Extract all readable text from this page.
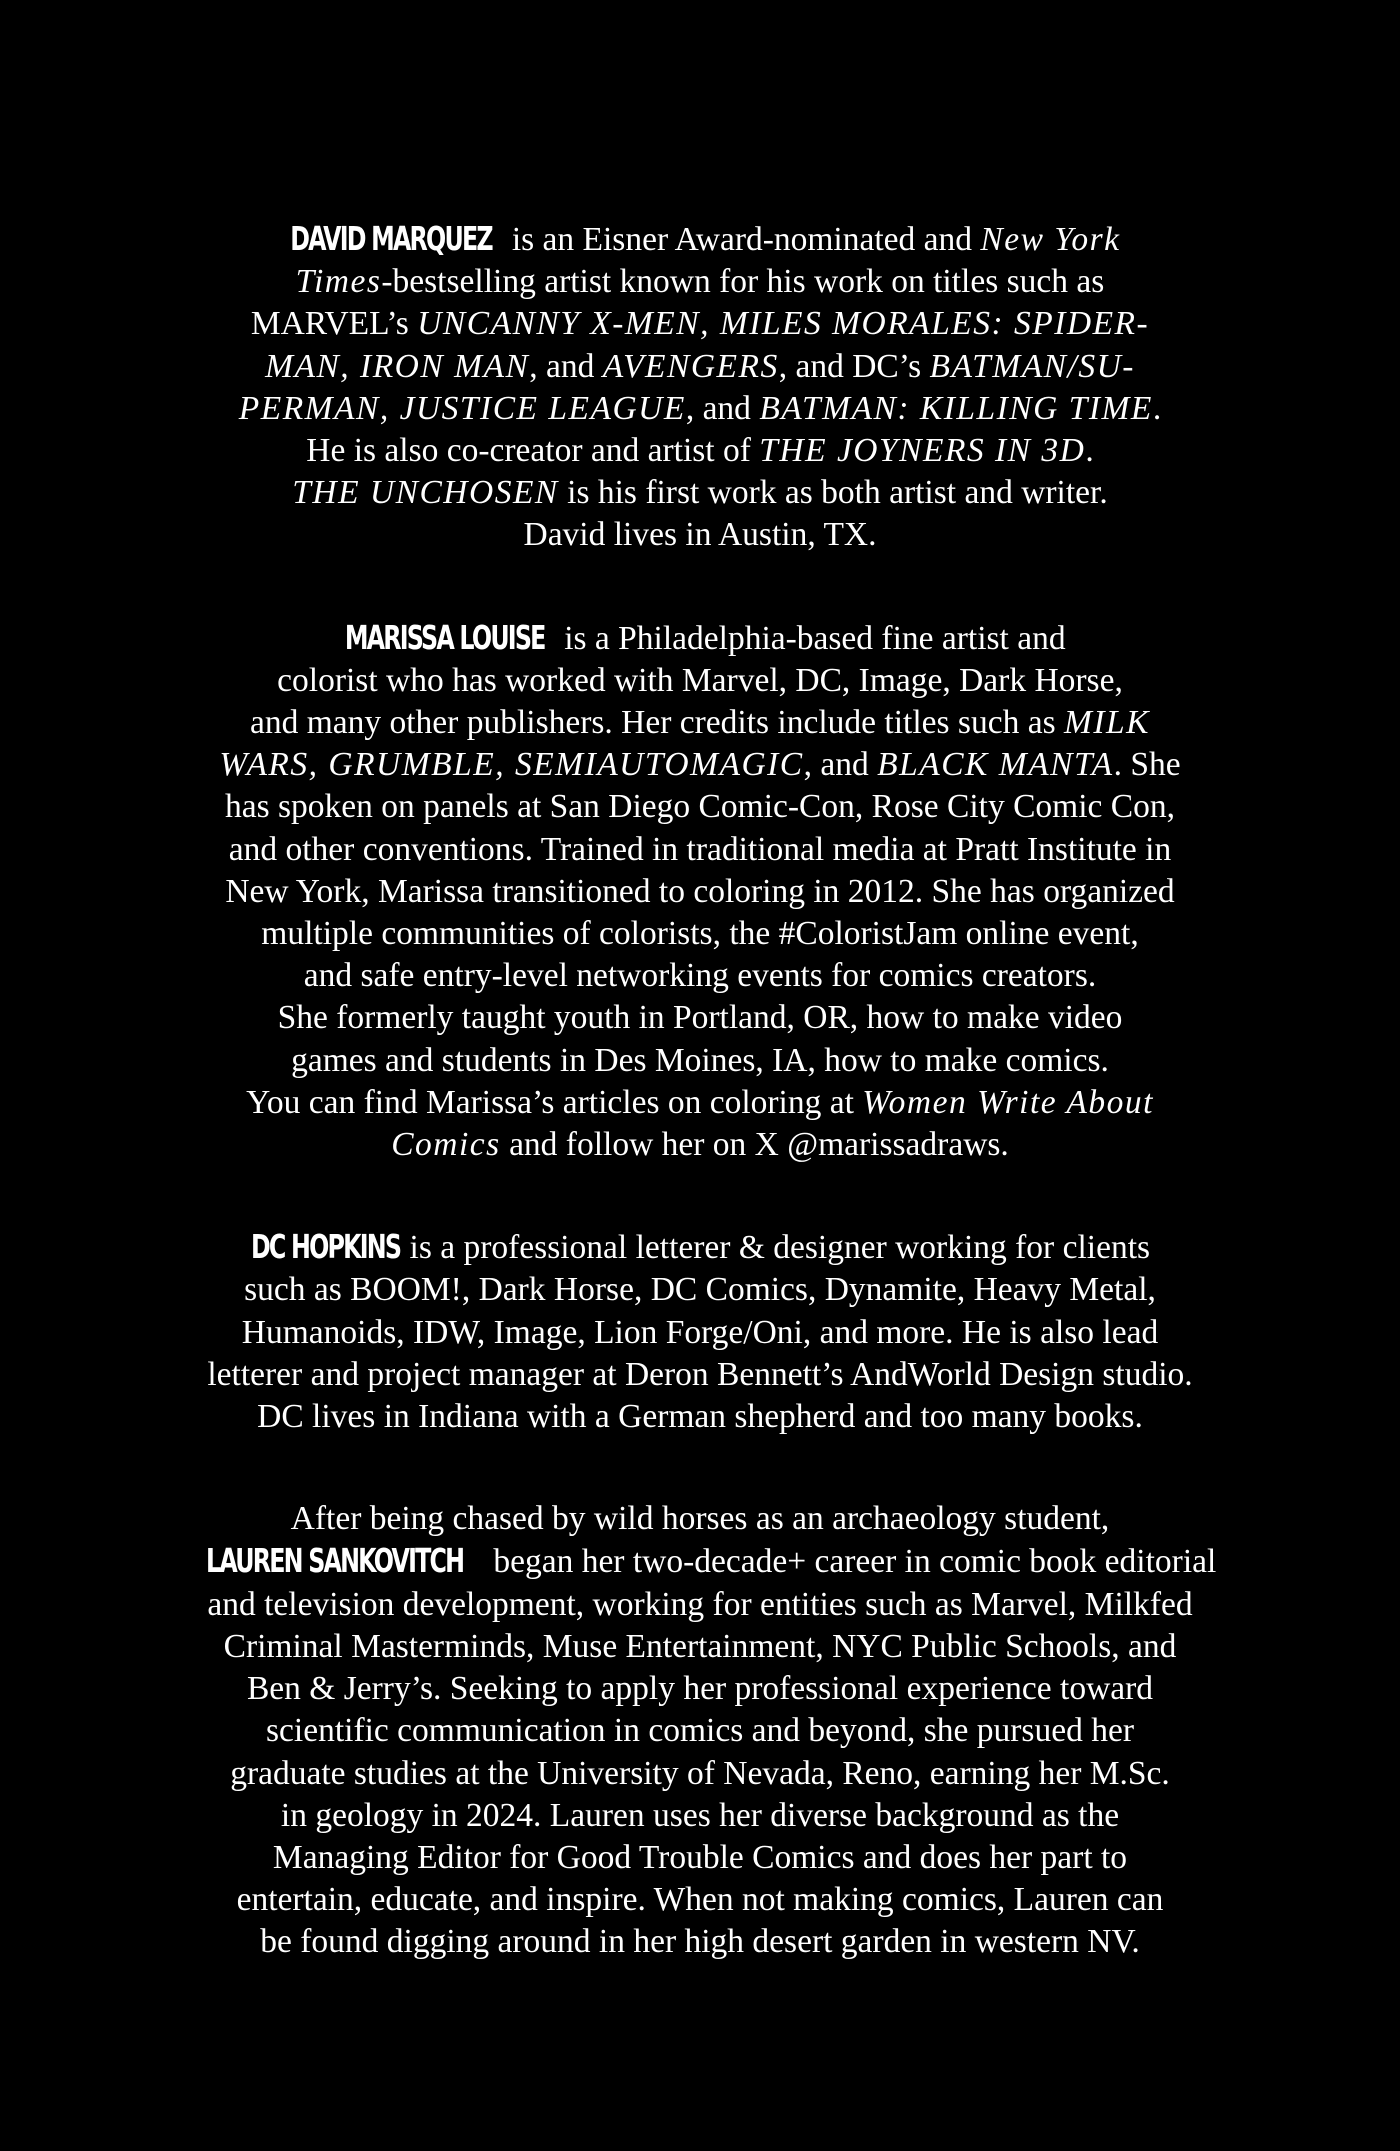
DAVID MARQUEZ is an Eisner Award-nominated and New York
Times-bestselling artist known for his work on titles such as
MARVEL’s UNCANNY X-MEN, MILES MORALES: SPIDER-
MAN, IRON MAN, and AVENGERS, and DC’s BATMAN/SU-
PERMAN, JUSTICE LEAGUE, and BATMAN: KILLING TIME.
He is also co-creator and artist of THE JOYNERS IN 3D.
THE UNCHOSEN is his first work as both artist and writer.
David lives in Austin, TX.

MARISSA LOUISE is a Philadelphia-based fine artist and
colorist who has worked with Marvel, DC, Image, Dark Horse,
and many other publishers. Her credits include titles such as MILK
WARS, GRUMBLE, SEMIAUTOMAGIC, and BLACK MANTA. She
has spoken on panels at San Diego Comic-Con, Rose City Comic Con,
and other conventions. Trained in traditional media at Pratt Institute in
New York, Marissa transitioned to coloring in 2012. She has organized
multiple communities of colorists, the #ColoristJam online event,
and safe entry-level networking events for comics creators.
She formerly taught youth in Portland, OR, how to make video
games and students in Des Moines, IA, how to make comics.
You can find Marissa’s articles on coloring at Women Write About
Comics and follow her on X @marissadraws.

DC HOPKINS is a professional letterer & designer working for clients
such as BOOM!, Dark Horse, DC Comics, Dynamite, Heavy Metal,
Humanoids, IDW, Image, Lion Forge/Oni, and more. He is also lead
letterer and project manager at Deron Bennett’s AndWorld Design studio.
DC lives in Indiana with a German shepherd and too many books.

After being chased by wild horses as an archaeology student,
LAUREN SANKOVITCH began her two-decade+ career in comic book editorial
and television development, working for entities such as Marvel, Milkfed
Criminal Masterminds, Muse Entertainment, NYC Public Schools, and
Ben & Jerry’s. Seeking to apply her professional experience toward
scientific communication in comics and beyond, she pursued her
graduate studies at the University of Nevada, Reno, earning her M.Sc.
in geology in 2024. Lauren uses her diverse background as the
Managing Editor for Good Trouble Comics and does her part to
entertain, educate, and inspire. When not making comics, Lauren can
be found digging around in her high desert garden in western NV.
